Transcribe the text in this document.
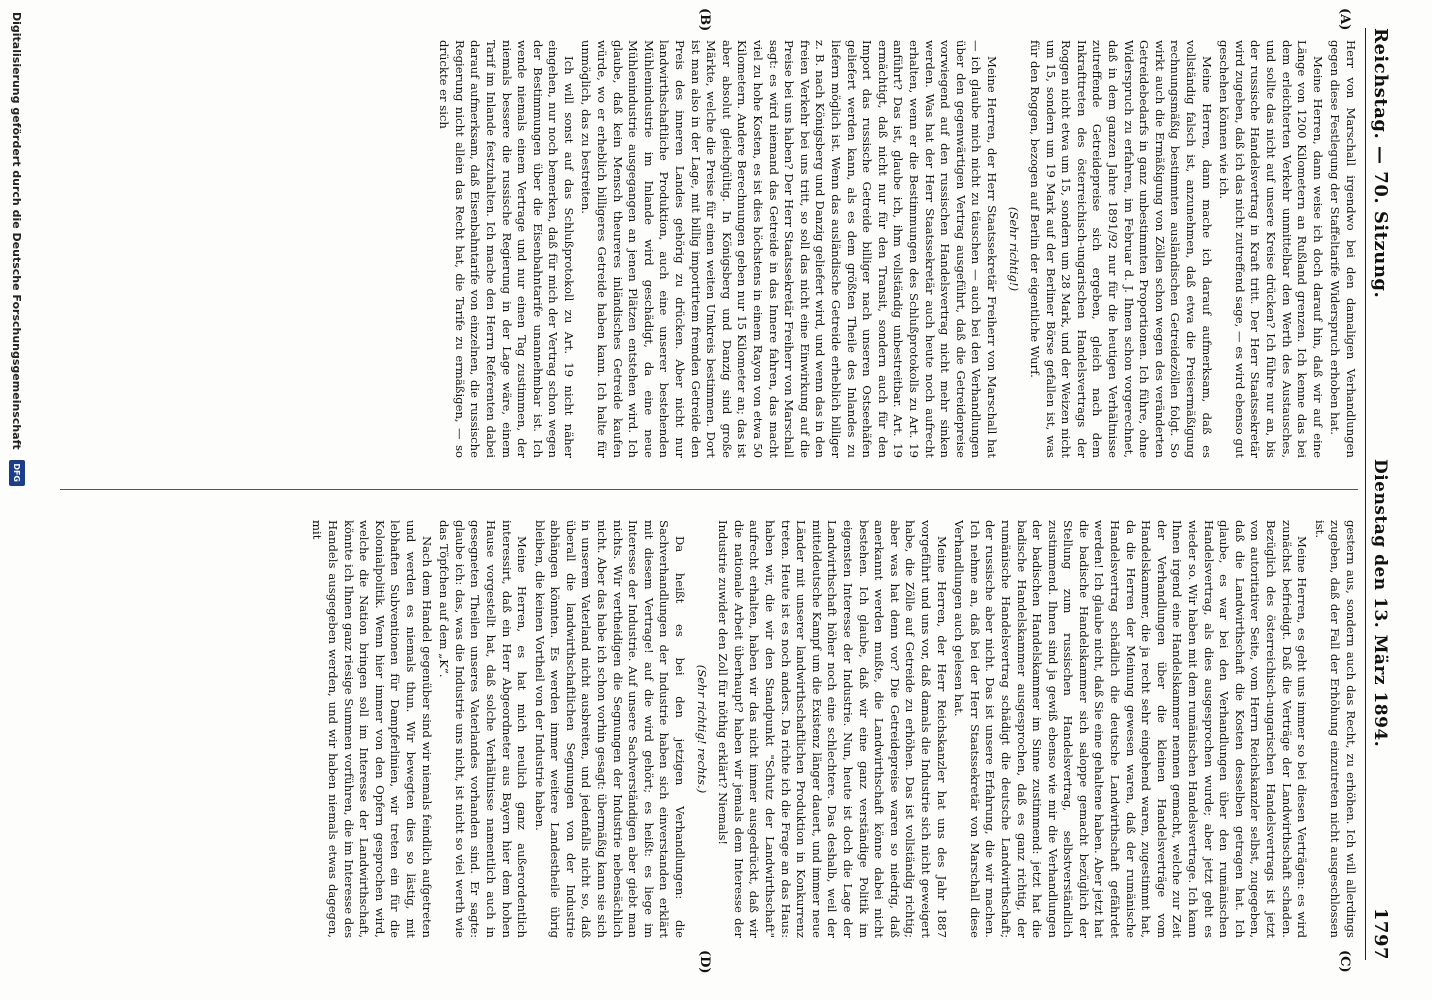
Reichstag. — 70. Sitzung.
Dienstag den 13. März 1894.
1797
(A)
(B)
(C)
(D)

Herr von Marschall irgendwo bei den damaligen Verhandlungen gegen diese Festlegung der Staffeltarife Widerspruch erhoben hat.

Meine Herren, dann weise ich doch darauf hin, daß wir auf eine Länge von 1200 Kilometern an Rußland grenzen. Ich kenne das bei dem erleichterten Verkehr unmittelbar den Werth des Austausches, und sollte das nicht auf unsere Kreise drücken? Ich führe nur an, bis der russische Handelsvertrag in Kraft tritt. Der Herr Staatssekretär wird zugeben, daß ich das nicht zutreffend sage, — es wird ebenso gut geschehen können wie ich.

Meine Herren, dann mache ich darauf aufmerksam, daß es vollständig falsch ist, anzunehmen, daß etwa die Preisermäßigung rechnungsmäßig bestimmten ausländischen Getreidezöllen folgt. So wirkt auch die Ermäßigung von Zöllen schon wegen des veränderten Getreidebedarfs in ganz unbestimmten Proportionen. Ich führe, ohne Widerspruch zu erfahren, im Februar d. J. Ihnen schon vorgerechnet, daß in dem ganzen Jahre 1891/92 nur für die heutigen Verhältnisse zutreffende Getreidepreise sich ergeben, gleich nach dem Inkrafttreten des österreichisch-ungarischen Handelsvertrags der Roggen nicht etwa um 15, sondern um 28 Mark, und der Weizen nicht um 15, sondern um 19 Mark auf der Berliner Börse gefallen ist, was für den Roggen, bezogen auf Berlin der eigentliche Wurf.

(Sehr richtig!)

Meine Herren, der Herr Staatssekretär Freiherr von Marschall hat — ich glaube mich nicht zu täuschen — auch bei den Verhandlungen über den gegenwärtigen Vertrag ausgeführt, daß die Getreidepreise vorwiegend auf den russischen Handelsvertrag nicht mehr sinken werden. Was hat der Herr Staatssekretär auch heute noch aufrecht erhalten, wenn er die Bestimmungen des Schlußprotokolls zu Art. 19 anführt? Das ist, glaube ich, ihm vollständig unbestreitbar. Art. 19 ermächtigt, daß nicht nur für den Transit, sondern auch für den Import das russische Getreide billiger nach unseren Ostseehäfen geliefert werden kann, als es dem größten Theile des Inlandes zu liefern möglich ist. Wenn das ausländische Getreide erheblich billiger z. B. nach Königsberg und Danzig geliefert wird, und wenn das in den freien Verkehr bei uns tritt, so soll das nicht eine Einwirkung auf die Preise bei uns haben? Der Herr Staatssekretär Freiherr von Marschall sagt: es wird niemand das Getreide in das Innere fahren, das macht viel zu hohe Kosten, es ist dies höchstens in einem Rayon von etwa 50 Kilometern. Andere Berechnungen geben nur 15 Kilometer an; das ist aber absolut gleichgültig. In Königsberg und Danzig sind große Märkte, welche die Preise für einen weiten Umkreis bestimmen. Dort ist man also in der Lage, mit billig importirtem fremden Getreide den Preis des inneren Landes gehörig zu drücken. Aber nicht nur landwirthschaftliche Produktion, auch eine unserer bestehenden Mühlenindustrie im Inlande wird geschädigt, da eine neue Mühlenindustrie ausgegangen an jenen Plätzen entstehen wird. Ich glaube, daß kein Mensch theureres inländisches Getreide kaufen würde, wo er erheblich billigeres Getreide haben kann. Ich halte für unmöglich, das zu bestreiten.

Ich will sonst auf das Schlußprotokoll zu Art. 19 nicht näher eingehen, nur noch bemerken, daß für mich der Vertrag schon wegen der Bestimmungen über die Eisenbahntarife unannehmbar ist. Ich wende niemals einem Vertrage und nur einen Tag zustimmen, der niemals bessere die russische Regierung in der Lage wäre, einem Tarif im Inlande festzuhalten. Ich mache den Herrn Referenten dabei darauf aufmerksam, daß Eisenbahntarife von einzelnen, die russische Regierung nicht allein das Recht hat, die Tarife zu ermäßigen, — so drückte er sich

gestern aus, sondern auch das Recht, zu erhöhen. Ich will allerdings zugeben, daß der Fall der Erhöhung einzutreten nicht ausgeschlossen ist.

Meine Herren, es geht uns immer so bei diesen Verträgen: es wird zunächst befriedigt. Daß die Verträge der Landwirthschaft schaden. Bezüglich des österreichisch-ungarischen Handelsvertrags ist jetzt von autoritativer Seite, vom Herrn Reichskanzler selbst, zugegeben, daß die Landwirthschaft die Kosten desselben getragen hat. Ich glaube, es war bei den Verhandlungen über den rumänischen Handelsvertrag, als dies ausgesprochen wurde; aber jetzt geht es wieder so. Wir haben mit dem rumänischen Handelsvertrage. Ich kann Ihnen irgend eine Handelskammer nennen gemacht, welche zur Zeit der Verhandlungen über die kleinen Handelsverträge vom Handelskammer, die ja recht sehr eingehend waren, zugestimmt hat, da die Herren der Meinung gewesen waren, daß der rumänische Handelsvertrag schädlich die deutsche Landwirthschaft gefährdet werden! Ich glaube nicht, daß Sie eine gehaltene haben. Aber jetzt hat die badische Handelskammer sich saloppe gemacht bezüglich der Stellung zum russischen Handelsvertrag, selbstverständlich zustimmend. Ihnen sind ja gewiß ebenso wie mir die Verhandlungen der badischen Handelskammer im Sinne zustimmend: jetzt hat die badische Handelskammer ausgesprochen, daß es ganz richtig, der rumänische Handelsvertrag schädigt die deutsche Landwirthschaft; der russische aber nicht. Das ist unsere Erfahrung, die wir machen. Ich nehme an, daß bei der Herr Staatssekretär von Marschall diese Verhandlungen auch gelesen hat.

Meine Herren, der Herr Reichskanzler hat uns des Jahr 1887 vorgeführt und uns vor, daß damals die Industrie sich nicht geweigert habe, die Zölle auf Getreide zu erhöhen. Das ist vollständig richtig; aber was hat denn vor? Die Getreidepreise waren so niedrig, daß anerkannt werden mußte, die Landwirthschaft könne dabei nicht bestehen. Ich glaube, daß wir eine ganz verständige Politik im eigensten Interesse der Industrie. Nun, heute ist doch die Lage der Landwirthschaft höher noch eine schlechtere. Das deshalb, weil der mitteldeutsche Kampf um die Existenz länger dauert, und immer neue Länder mit unserer landwirthschaftlichen Produktion in Konkurrenz treten. Heute ist es noch anders. Da richte ich die Frage an das Haus: haben wir, die wir den Standpunkt "Schutz der Landwirthschaft" aufrecht erhalten, haben wir das nicht immer ausgedrückt, daß wir die nationale Arbeit überhaupt? haben wir jemals dem Interesse der Industrie zuwider den Zoll für nöthig erklärt? Niemals!

(Sehr richtig! rechts.)

Da heißt es bei den jetzigen Verhandlungen: die Sachverhandlungen der Industrie haben sich einverstanden erklärt mit diesem Vertrage! auf die wird gehört; es heißt: es liege im Interesse der Industrie. Auf unsere Sachverständigen aber giebt man nichts. Wir vertheidigen die Segnungen der Industrie nebensächlich nicht. Aber das habe ich schon vorhin gesagt: übermäßig kann sie sich in unserem Vaterland nicht ausbreiten, und jedenfalls nicht so, daß überall die landwirthschaftlichen Segnungen von der Industrie abhängen könnten. Es werden immer weitere Landestheile übrig bleiben, die keinen Vortheil von der Industrie haben.

Meine Herren, es hat mich neulich ganz außerordentlich interessirt, daß ein Herr Abgeordneter aus Bayern hier dem hohen Hause vorgestellt hat, daß solche Verhältnisse namentlich auch in gesegneten Theilen unseres Vaterlandes vorhanden sind. Er sagte: glaube ich: das, was die Industrie uns nicht, ist nicht so viel werth wie das Töpfchen auf dem „K“.

Nach dem Handel gegenüber sind wir niemals feindlich aufgetreten und werden es niemals thun. Wir bewegten dies so lästig, mit lebhaften Subventionen für Dampferlinien, wir treten ein für die Kolonialpolitik. Wenn hier immer von den Opfern gesprochen wird, welche die Nation bringen soll im Interesse der Landwirthschaft, könnte ich Ihnen ganz riesige Summen vorführen, die im Interesse des Handels ausgegeben werden, und wir haben niemals etwas dagegen, mit

Digitalisierung gefördert durch die Deutsche Forschungsgemeinschaft
DFG
